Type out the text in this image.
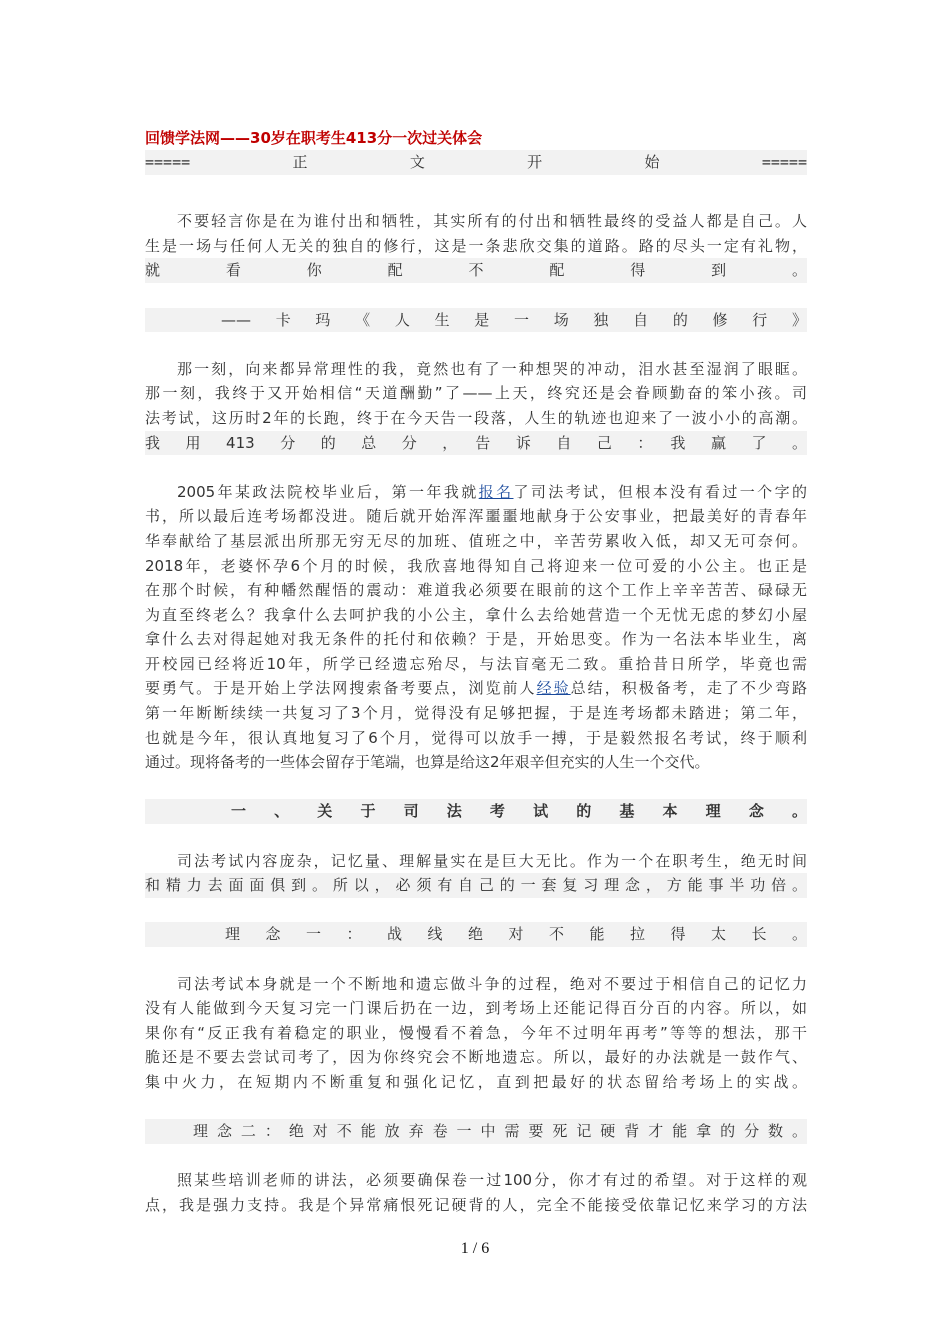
回馈学法网——30岁在职考生413分一次过关体会
=====　　　　正　　　　文　　　　开　　　　始　　　　=====
不要轻言你是在为谁付出和牺牲，其实所有的付出和牺牲最终的受益人都是自己。人
生是一场与任何人无关的独自的修行，这是一条悲欣交集的道路。路的尽头一定有礼物，
就　看　你　配　不　配　得　到　。
——卡玛《人生是一场独自的修行》
那一刻，向来都异常理性的我，竟然也有了一种想哭的冲动，泪水甚至湿润了眼眶。
那一刻，我终于又开始相信“天道酬勤”了——上天，终究还是会眷顾勤奋的笨小孩。司
法考试，这历时2年的长跑，终于在今天告一段落，人生的轨迹也迎来了一波小小的高潮。
我　用　413　分　的　总　分　，　告　诉　自　己　：　我　赢　了　。
2005年某政法院校毕业后，第一年我就报名了司法考试，但根本没有看过一个字的
书，所以最后连考场都没进。随后就开始浑浑噩噩地献身于公安事业，把最美好的青春年
华奉献给了基层派出所那无穷无尽的加班、值班之中，辛苦劳累收入低，却又无可奈何。
2018年，老婆怀孕6个月的时候，我欣喜地得知自己将迎来一位可爱的小公主。也正是
在那个时候，有种幡然醒悟的震动：难道我必须要在眼前的这个工作上辛辛苦苦、碌碌无
为直至终老么？我拿什么去呵护我的小公主，拿什么去给她营造一个无忧无虑的梦幻小屋
拿什么去对得起她对我无条件的托付和依赖？于是，开始思变。作为一名法本毕业生，离
开校园已经将近10年，所学已经遗忘殆尽，与法盲毫无二致。重拾昔日所学，毕竟也需
要勇气。于是开始上学法网搜索备考要点，浏览前人经验总结，积极备考，走了不少弯路
第一年断断续续一共复习了3个月，觉得没有足够把握，于是连考场都未踏进；第二年，
也就是今年，很认真地复习了6个月，觉得可以放手一搏，于是毅然报名考试，终于顺利
通过。现将备考的一些体会留存于笔端，也算是给这2年艰辛但充实的人生一个交代。
一、关于司法考试的基本理念。
司法考试内容庞杂，记忆量、理解量实在是巨大无比。作为一个在职考生，绝无时间
和精力去面面俱到。所以，必须有自己的一套复习理念，方能事半功倍。
理念一：战线绝对不能拉得太长。
司法考试本身就是一个不断地和遗忘做斗争的过程，绝对不要过于相信自己的记忆力
没有人能做到今天复习完一门课后扔在一边，到考场上还能记得百分百的内容。所以，如
果你有“反正我有着稳定的职业，慢慢看不着急，今年不过明年再考”等等的想法，那干
脆还是不要去尝试司考了，因为你终究会不断地遗忘。所以，最好的办法就是一鼓作气、
集中火力，在短期内不断重复和强化记忆，直到把最好的状态留给考场上的实战。
理念二：绝对不能放弃卷一中需要死记硬背才能拿的分数。
照某些培训老师的讲法，必须要确保卷一过100分，你才有过的希望。对于这样的观
点，我是强力支持。我是个异常痛恨死记硬背的人，完全不能接受依靠记忆来学习的方法
1 / 6
